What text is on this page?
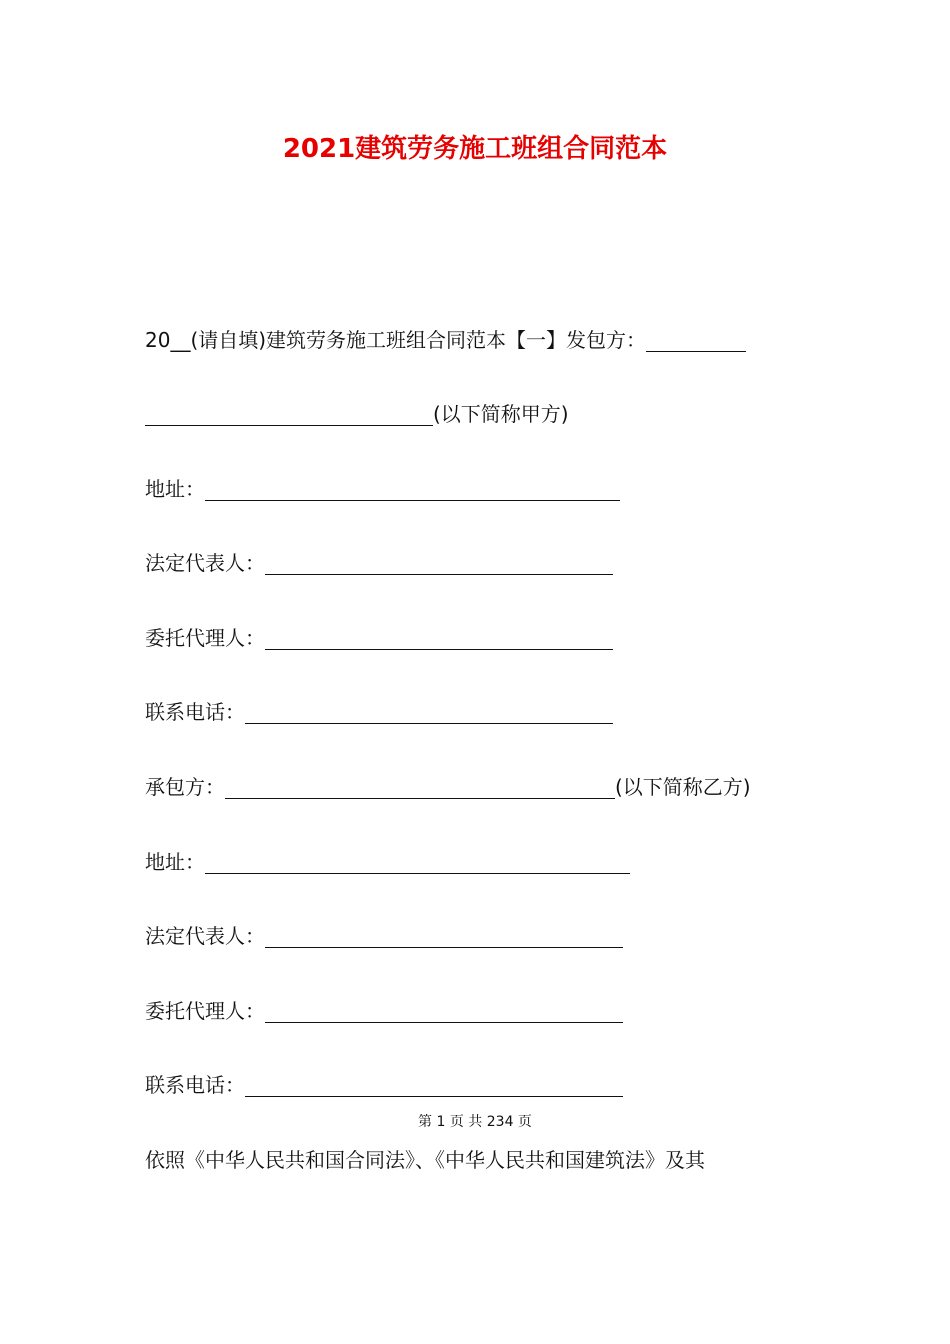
2021建筑劳务施工班组合同范本
20__(请自填)建筑劳务施工班组合同范本【一】发包方：
(以下简称甲方)
地址：
法定代表人：
委托代理人：
联系电话：
承包方：	(以下简称乙方)
地址：
法定代表人：
委托代理人：
联系电话：
第 1 页 共 234 页
依照《中华人民共和国合同法》、《中华人民共和国建筑法》及其
